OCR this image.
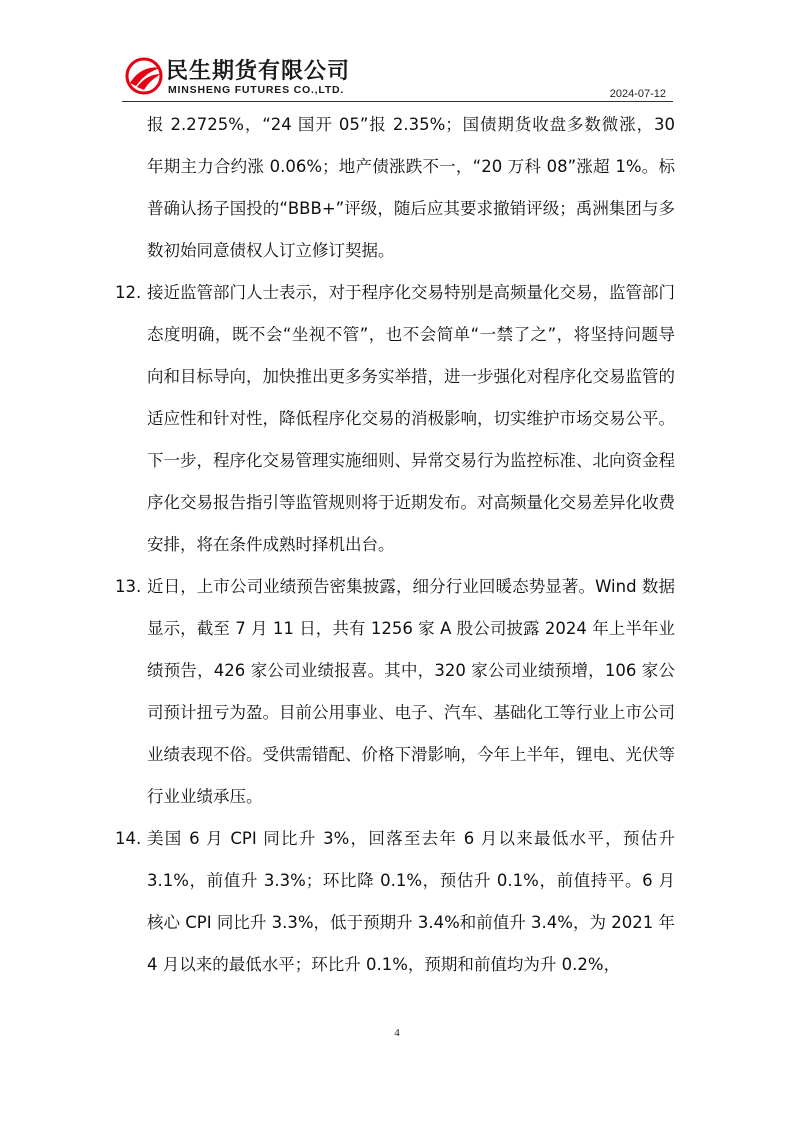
民生期货有限公司
MINSHENG FUTURES CO.,LTD.	2024-07-12

报 2.2725%，“24 国开 05”报 2.35%；国债期货收盘多数微涨，30 年期主力合约涨 0.06%；地产债涨跌不一，“20 万科 08”涨超 1%。标普确认扬子国投的“BBB+”评级，随后应其要求撤销评级；禹洲集团与多数初始同意债权人订立修订契据。

12. 接近监管部门人士表示，对于程序化交易特别是高频量化交易，监管部门态度明确，既不会“坐视不管”，也不会简单“一禁了之”，将坚持问题导向和目标导向，加快推出更多务实举措，进一步强化对程序化交易监管的适应性和针对性，降低程序化交易的消极影响，切实维护市场交易公平。下一步，程序化交易管理实施细则、异常交易行为监控标准、北向资金程序化交易报告指引等监管规则将于近期发布。对高频量化交易差异化收费安排，将在条件成熟时择机出台。
13. 近日，上市公司业绩预告密集披露，细分行业回暖态势显著。Wind 数据显示，截至 7 月 11 日，共有 1256 家 A 股公司披露 2024 年上半年业绩预告，426 家公司业绩报喜。其中，320 家公司业绩预增，106 家公司预计扭亏为盈。目前公用事业、电子、汽车、基础化工等行业上市公司业绩表现不俗。受供需错配、价格下滑影响，今年上半年，锂电、光伏等行业业绩承压。
14. 美国 6 月 CPI 同比升 3%，回落至去年 6 月以来最低水平，预估升 3.1%，前值升 3.3%；环比降 0.1%，预估升 0.1%，前值持平。6 月核心 CPI 同比升 3.3%，低于预期升 3.4%和前值升 3.4%，为 2021 年 4 月以来的最低水平；环比升 0.1%，预期和前值均为升 0.2%，
4
